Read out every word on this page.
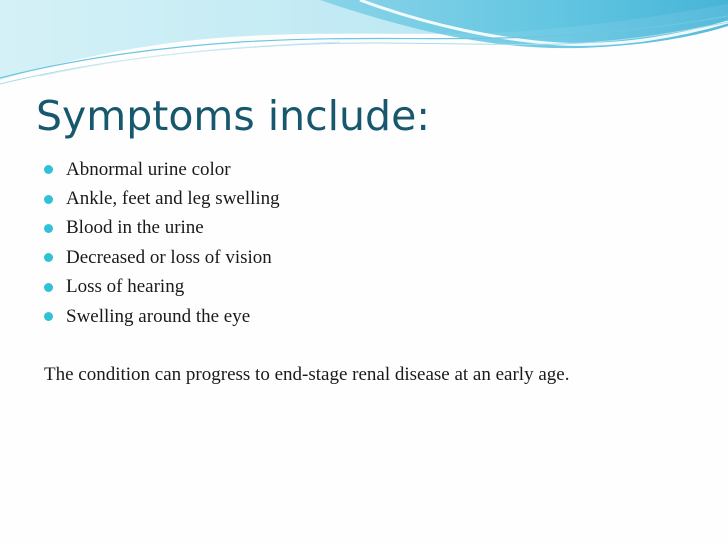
Symptoms include:
Abnormal urine color
Ankle, feet and leg swelling
Blood in the urine
Decreased or loss of vision
Loss of hearing
Swelling around the eye

The condition can progress to end-stage renal disease at an early age.
